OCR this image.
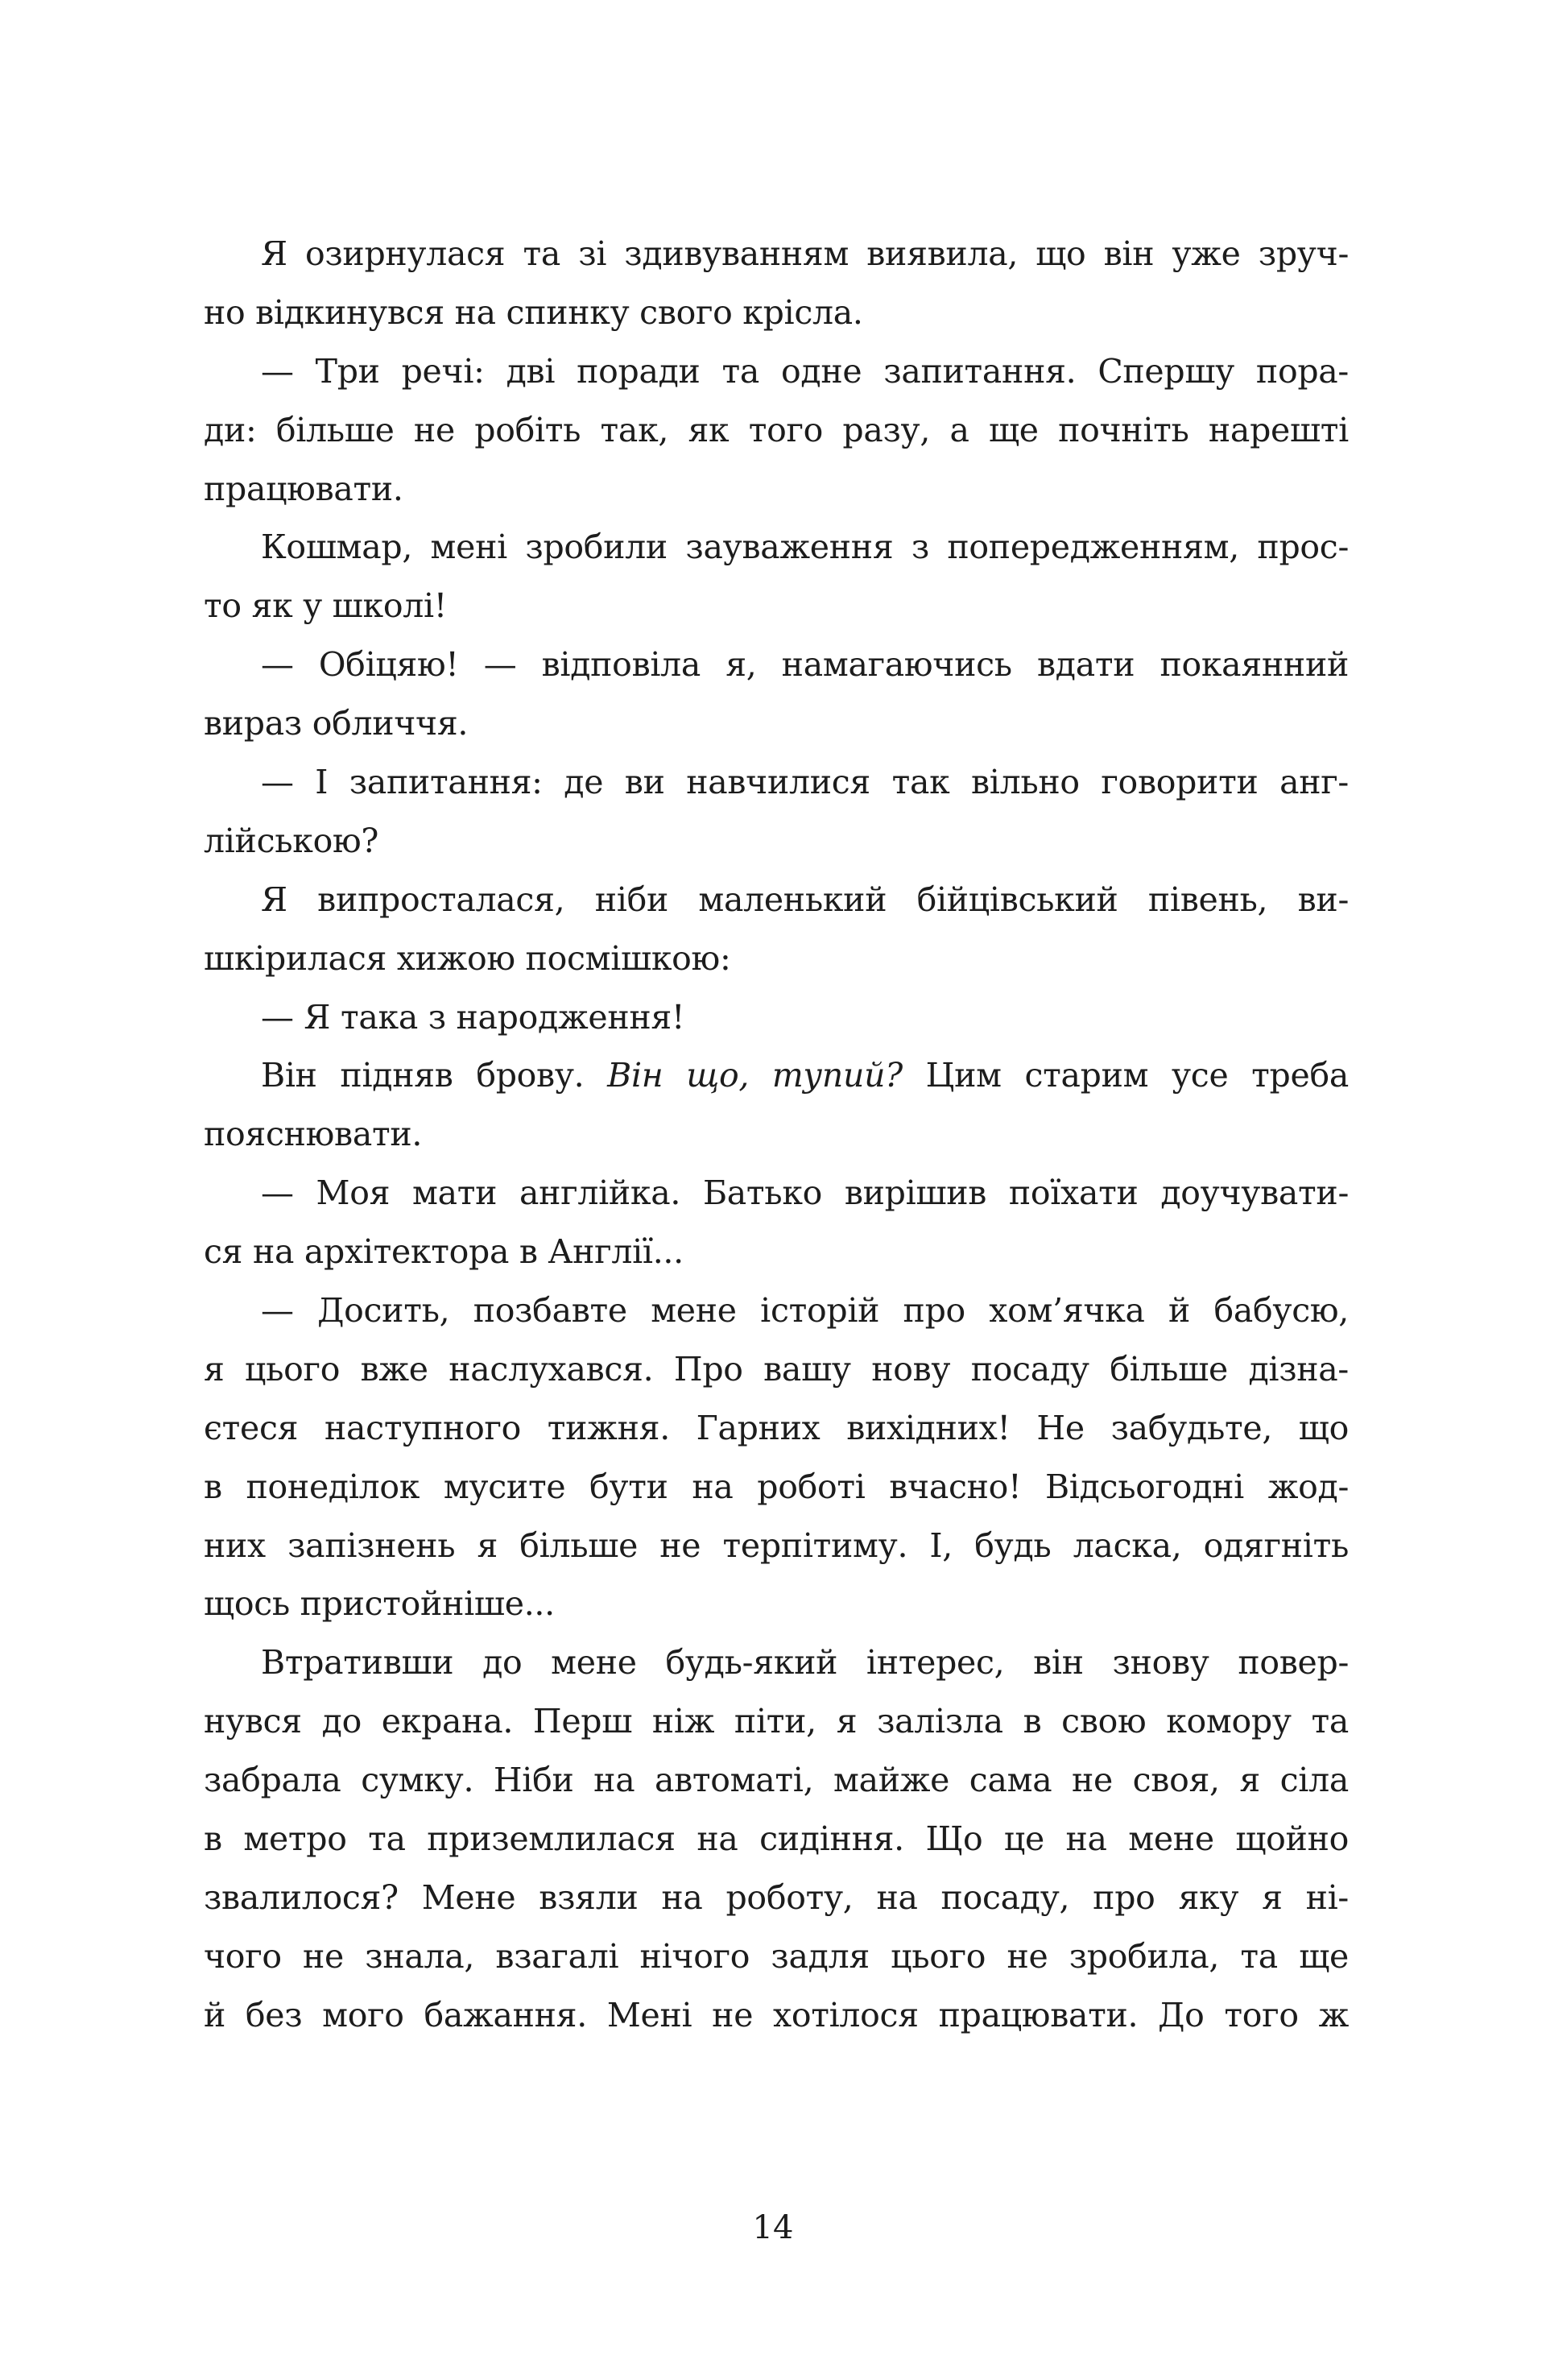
Я озирнулася та зі здивуванням виявила, що він уже зруч-
но відкинувся на спинку свого крісла.
— Три речі: дві поради та одне запитання. Спершу пора-
ди: більше не робіть так, як того разу, а ще почніть нарешті
працювати.
Кошмар, мені зробили зауваження з попередженням, прос-
то як у школі!
— Обіцяю! — відповіла я, намагаючись вдати покаянний
вираз обличчя.
— І запитання: де ви навчилися так вільно говорити анг-
лійською?
Я випросталася, ніби маленький бійцівський півень, ви-
шкірилася хижою посмішкою:
— Я така з народження!
Він підняв брову. Він що, тупий? Цим старим усе треба
пояснювати.
— Моя мати англійка. Батько вирішив поїхати доучувати-
ся на архітектора в Англії...
— Досить, позбавте мене історій про хом’ячка й бабусю,
я цього вже наслухався. Про вашу нову посаду більше дізна-
єтеся наступного тижня. Гарних вихідних! Не забудьте, що
в понеділок мусите бути на роботі вчасно! Відсьогодні жод-
них запізнень я більше не терпітиму. І, будь ласка, одягніть
щось пристойніше...
Втративши до мене будь-який інтерес, він знову повер-
нувся до екрана. Перш ніж піти, я залізла в свою комору та
забрала сумку. Ніби на автоматі, майже сама не своя, я сіла
в метро та приземлилася на сидіння. Що це на мене щойно
звалилося? Мене взяли на роботу, на посаду, про яку я ні-
чого не знала, взагалі нічого задля цього не зробила, та ще
й без мого бажання. Мені не хотілося працювати. До того ж
14
